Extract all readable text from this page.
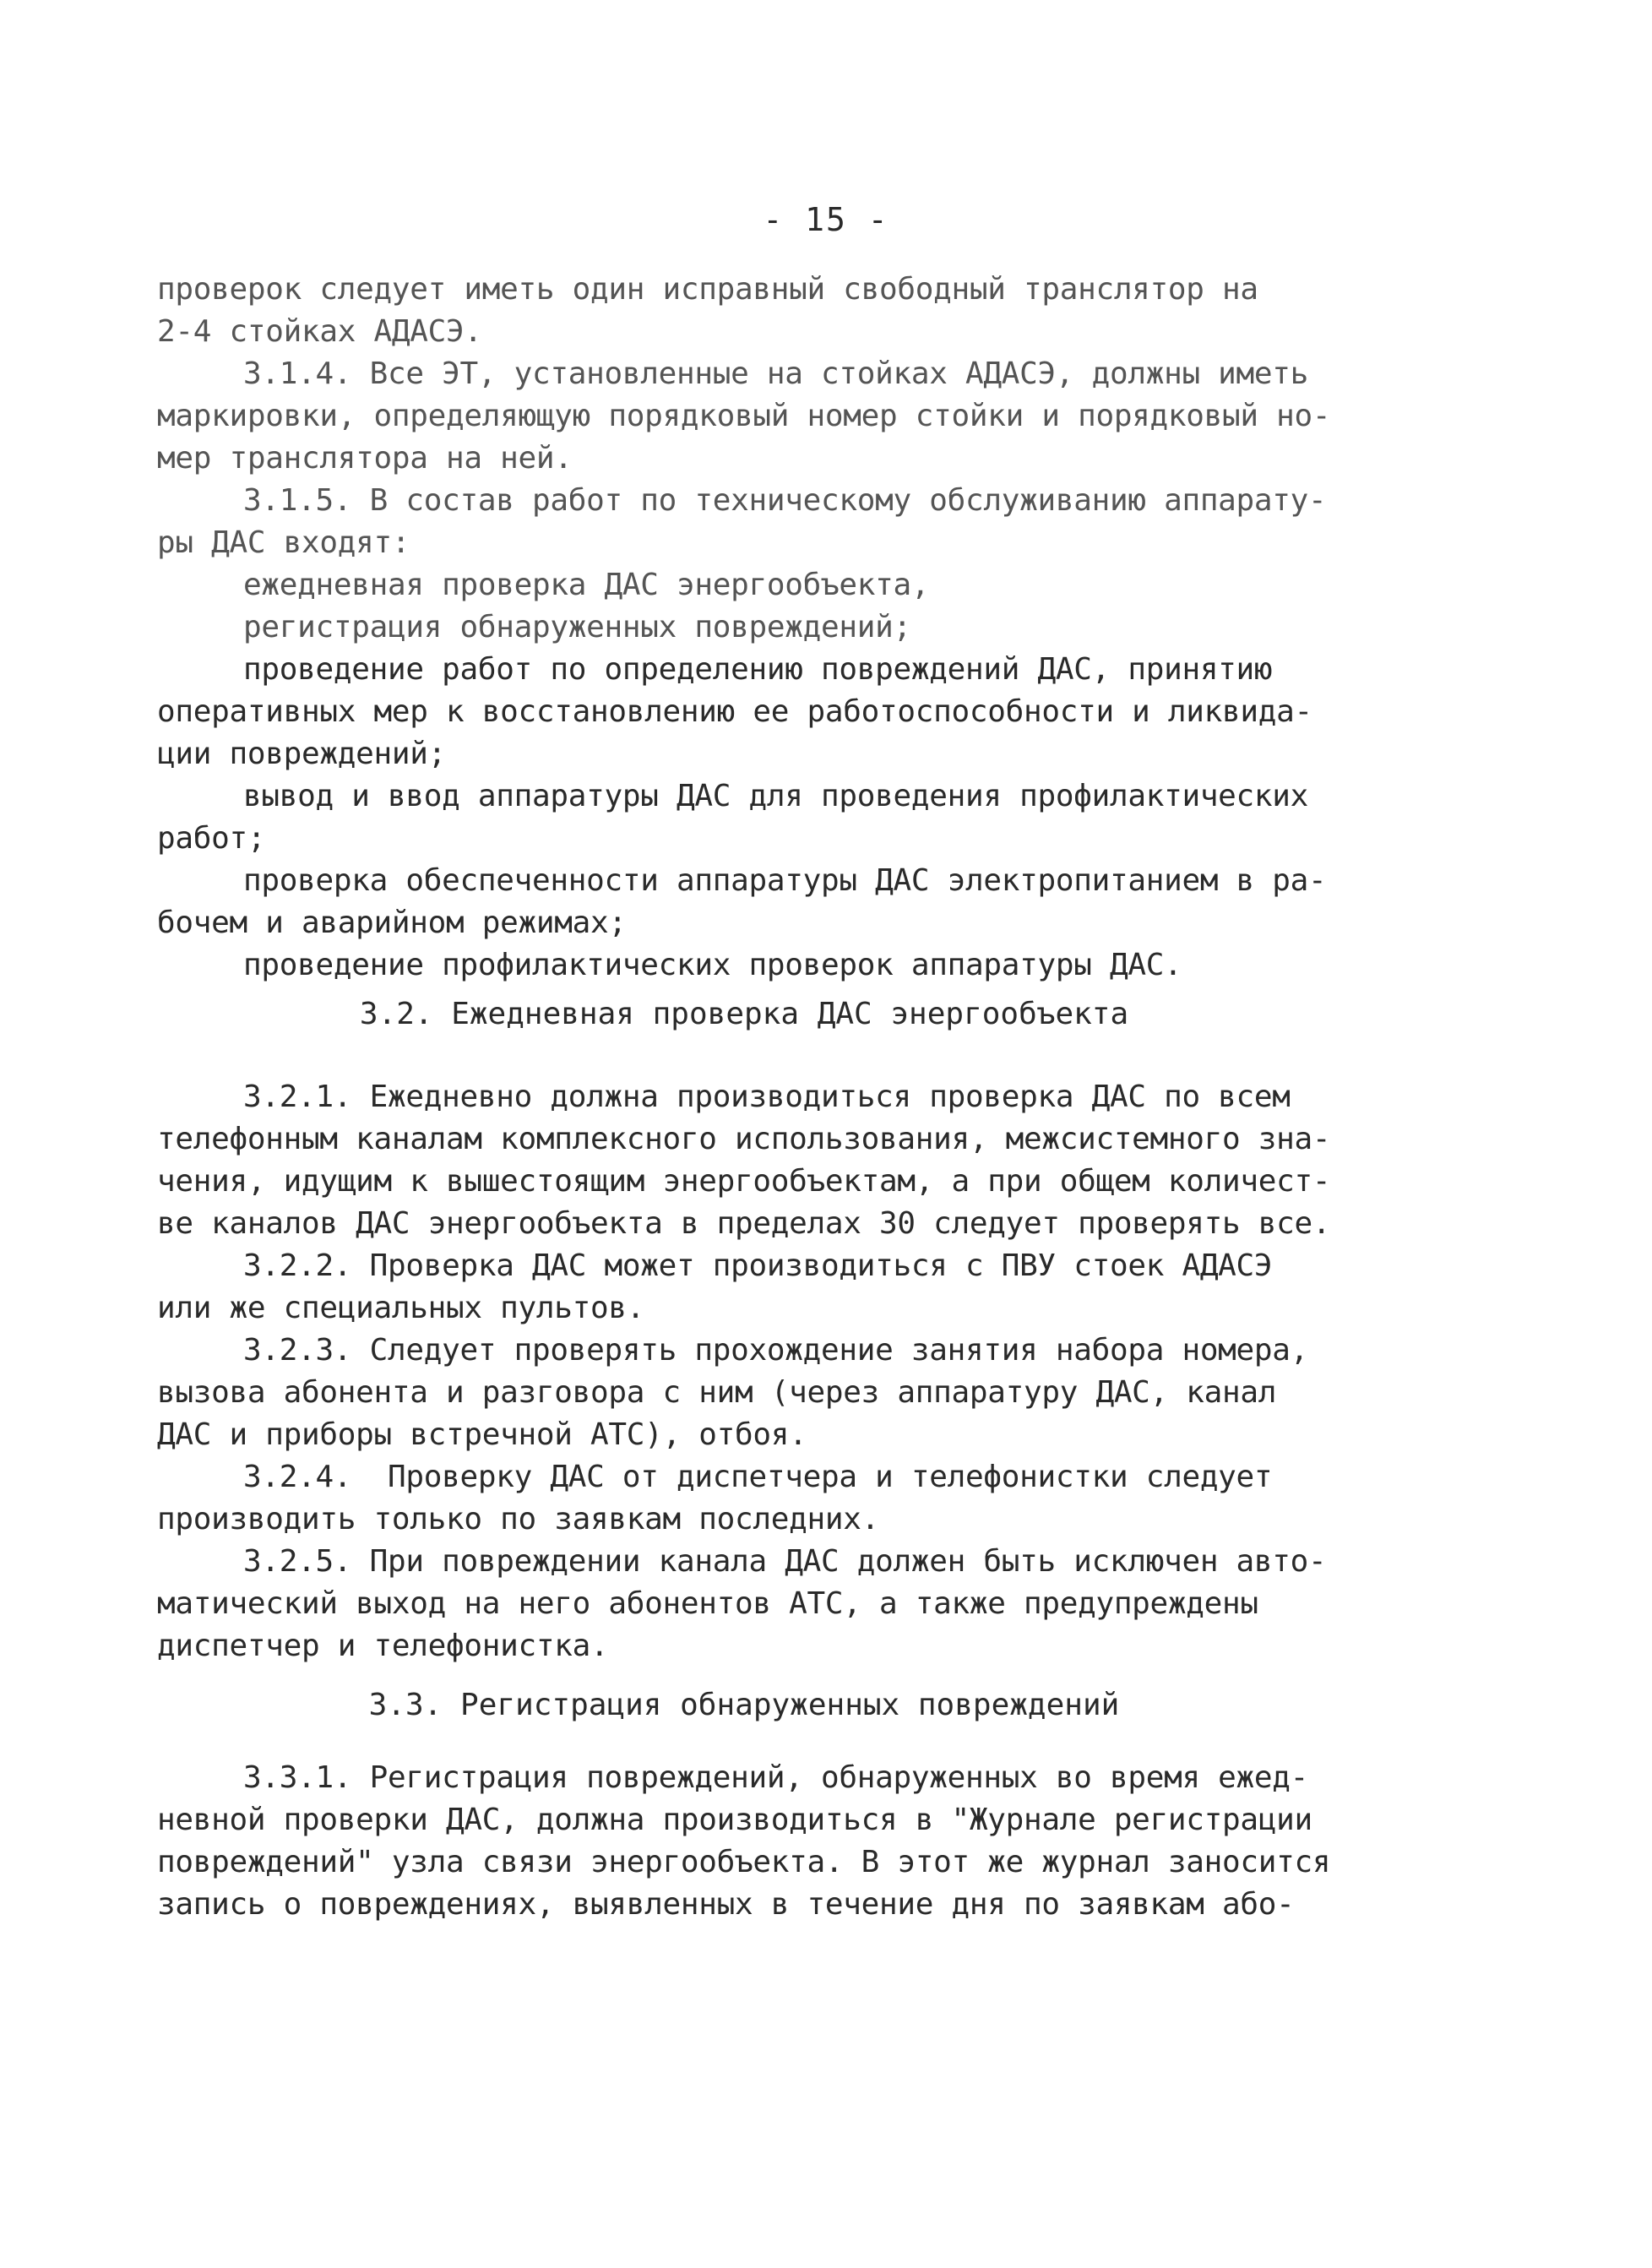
- 15 -
проверок следует иметь один исправный свободный транслятор на
2-4 стойках АДАСЭ.
3.1.4. Все ЭТ, установленные на стойках АДАСЭ, должны иметь
маркировки, определяющую порядковый номер стойки и порядковый но-
мер транслятора на ней.
3.1.5. В состав работ по техническому обслуживанию аппарату-
ры ДАС входят:
ежедневная проверка ДАС энергообъекта,
регистрация обнаруженных повреждений;
проведение работ по определению повреждений ДАС, принятию
оперативных мер к восстановлению ее работоспособности и ликвида-
ции повреждений;
вывод и ввод аппаратуры ДАС для проведения профилактических
работ;
проверка обеспеченности аппаратуры ДАС электропитанием в ра-
бочем и аварийном режимах;
проведение профилактических проверок аппаратуры ДАС.
3.2. Ежедневная проверка ДАС энергообъекта
3.2.1. Ежедневно должна производиться проверка ДАС по всем
телефонным каналам комплексного использования, межсистемного зна-
чения, идущим к вышестоящим энергообъектам, а при общем количест-
ве каналов ДАС энергообъекта в пределах 30 следует проверять все.
3.2.2. Проверка ДАС может производиться с ПВУ стоек АДАСЭ
или же специальных пультов.
3.2.3. Следует проверять прохождение занятия набора номера,
вызова абонента и разговора с ним (через аппаратуру ДАС, канал
ДАС и приборы встречной АТС), отбоя.
3.2.4.  Проверку ДАС от диспетчера и телефонистки следует
производить только по заявкам последних.
3.2.5. При повреждении канала ДАС должен быть исключен авто-
матический выход на него абонентов АТС, а также предупреждены
диспетчер и телефонистка.
3.3. Регистрация обнаруженных повреждений
3.3.1. Регистрация повреждений, обнаруженных во время ежед-
невной проверки ДАС, должна производиться в "Журнале регистрации
повреждений" узла связи энергообъекта. В этот же журнал заносится
запись о повреждениях, выявленных в течение дня по заявкам або-
